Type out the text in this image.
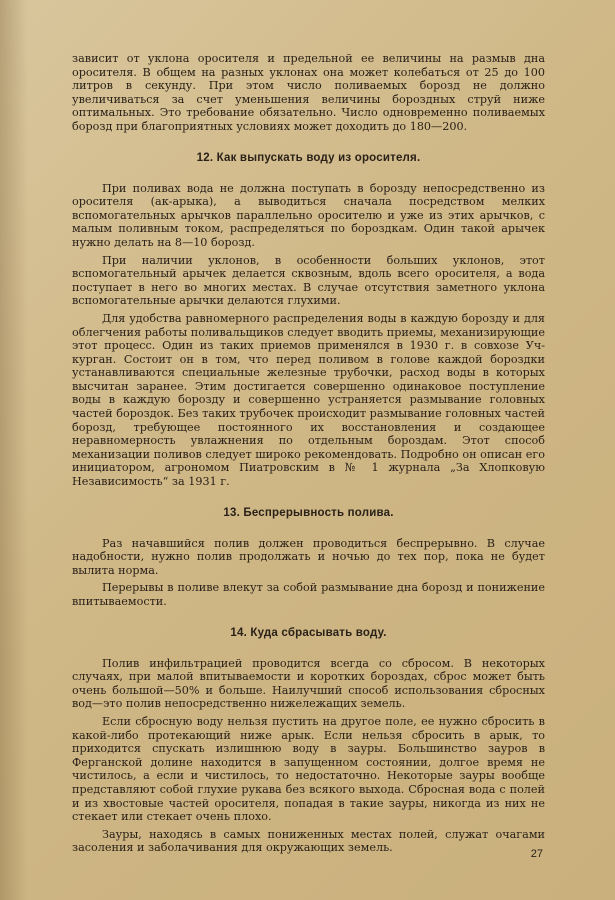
зависит от уклона оросителя и предельной ее величины на размыв дна оросителя. В общем на разных уклонах она может колебаться от 25 до 100 литров в секунду. При этом число поливаемых борозд не должно увеличиваться за счет уменьшения величины бороздных струй ниже оптимальных. Это требование обязательно. Число одновременно поливаемых борозд при благоприятных условиях может доходить до 180—200.

12. Как выпускать воду из оросителя.

При поливах вода не должна поступать в борозду непосредственно из оросителя (ак-арыка), а выводиться сначала посредством мелких вспомогательных арычков параллельно оросителю и уже из этих арычков, с малым поливным током, распределяться по бороздкам. Один такой арычек нужно делать на 8—10 борозд.

При наличии уклонов, в особенности больших уклонов, этот вспомогательный арычек делается сквозным, вдоль всего оросителя, а вода поступает в него во многих местах. В случае отсутствия заметного уклона вспомогательные арычки делаются глухими.

Для удобства равномерного распределения воды в каждую борозду и для облегчения работы поливальщиков следует вводить приемы, механизирующие этот процесс. Один из таких приемов применялся в 1930 г. в совхозе Уч-курган. Состоит он в том, что перед поливом в голове каждой бороздки устанавливаются специальные железные трубочки, расход воды в которых высчитан заранее. Этим достигается совершенно одинаковое поступление воды в каждую борозду и совершенно устраняется размывание головных частей бороздок. Без таких трубочек происходит размывание головных частей борозд, требующее постоянного их восстановления и создающее неравномерность увлажнения по отдельным бороздам. Этот способ механизации поливов следует широко рекомендовать. Подробно он описан его инициатором, агрономом Пиатровским в № 1 журнала „За Хлопковую Независимость“ за 1931 г.

13. Беспрерывность полива.

Раз начавшийся полив должен проводиться беспрерывно. В случае надобности, нужно полив продолжать и ночью до тех пор, пока не будет вылита норма.

Перерывы в поливе влекут за собой размывание дна борозд и понижение впитываемости.

14. Куда сбрасывать воду.

Полив инфильтрацией проводится всегда со сбросом. В некоторых случаях, при малой впитываемости и коротких бороздах, сброс может быть очень большой—50% и больше. Наилучший способ использования сбросных вод—это полив непосредственно нижележащих земель.

Если сбросную воду нельзя пустить на другое поле, ее нужно сбросить в какой-либо протекающий ниже арык. Если нельзя сбросить в арык, то приходится спускать излишнюю воду в зауры. Большинство зауров в Ферганской долине находится в запущенном состоянии, долгое время не чистилось, а если и чистилось, то недостаточно. Некоторые зауры вообще представляют собой глухие рукава без всякого выхода. Сбросная вода с полей и из хвостовые частей оросителя, попадая в такие зауры, никогда из них не стекает или стекает очень плохо.

Зауры, находясь в самых пониженных местах полей, служат очагами засоления и заболачивания для окружающих земель.	27
